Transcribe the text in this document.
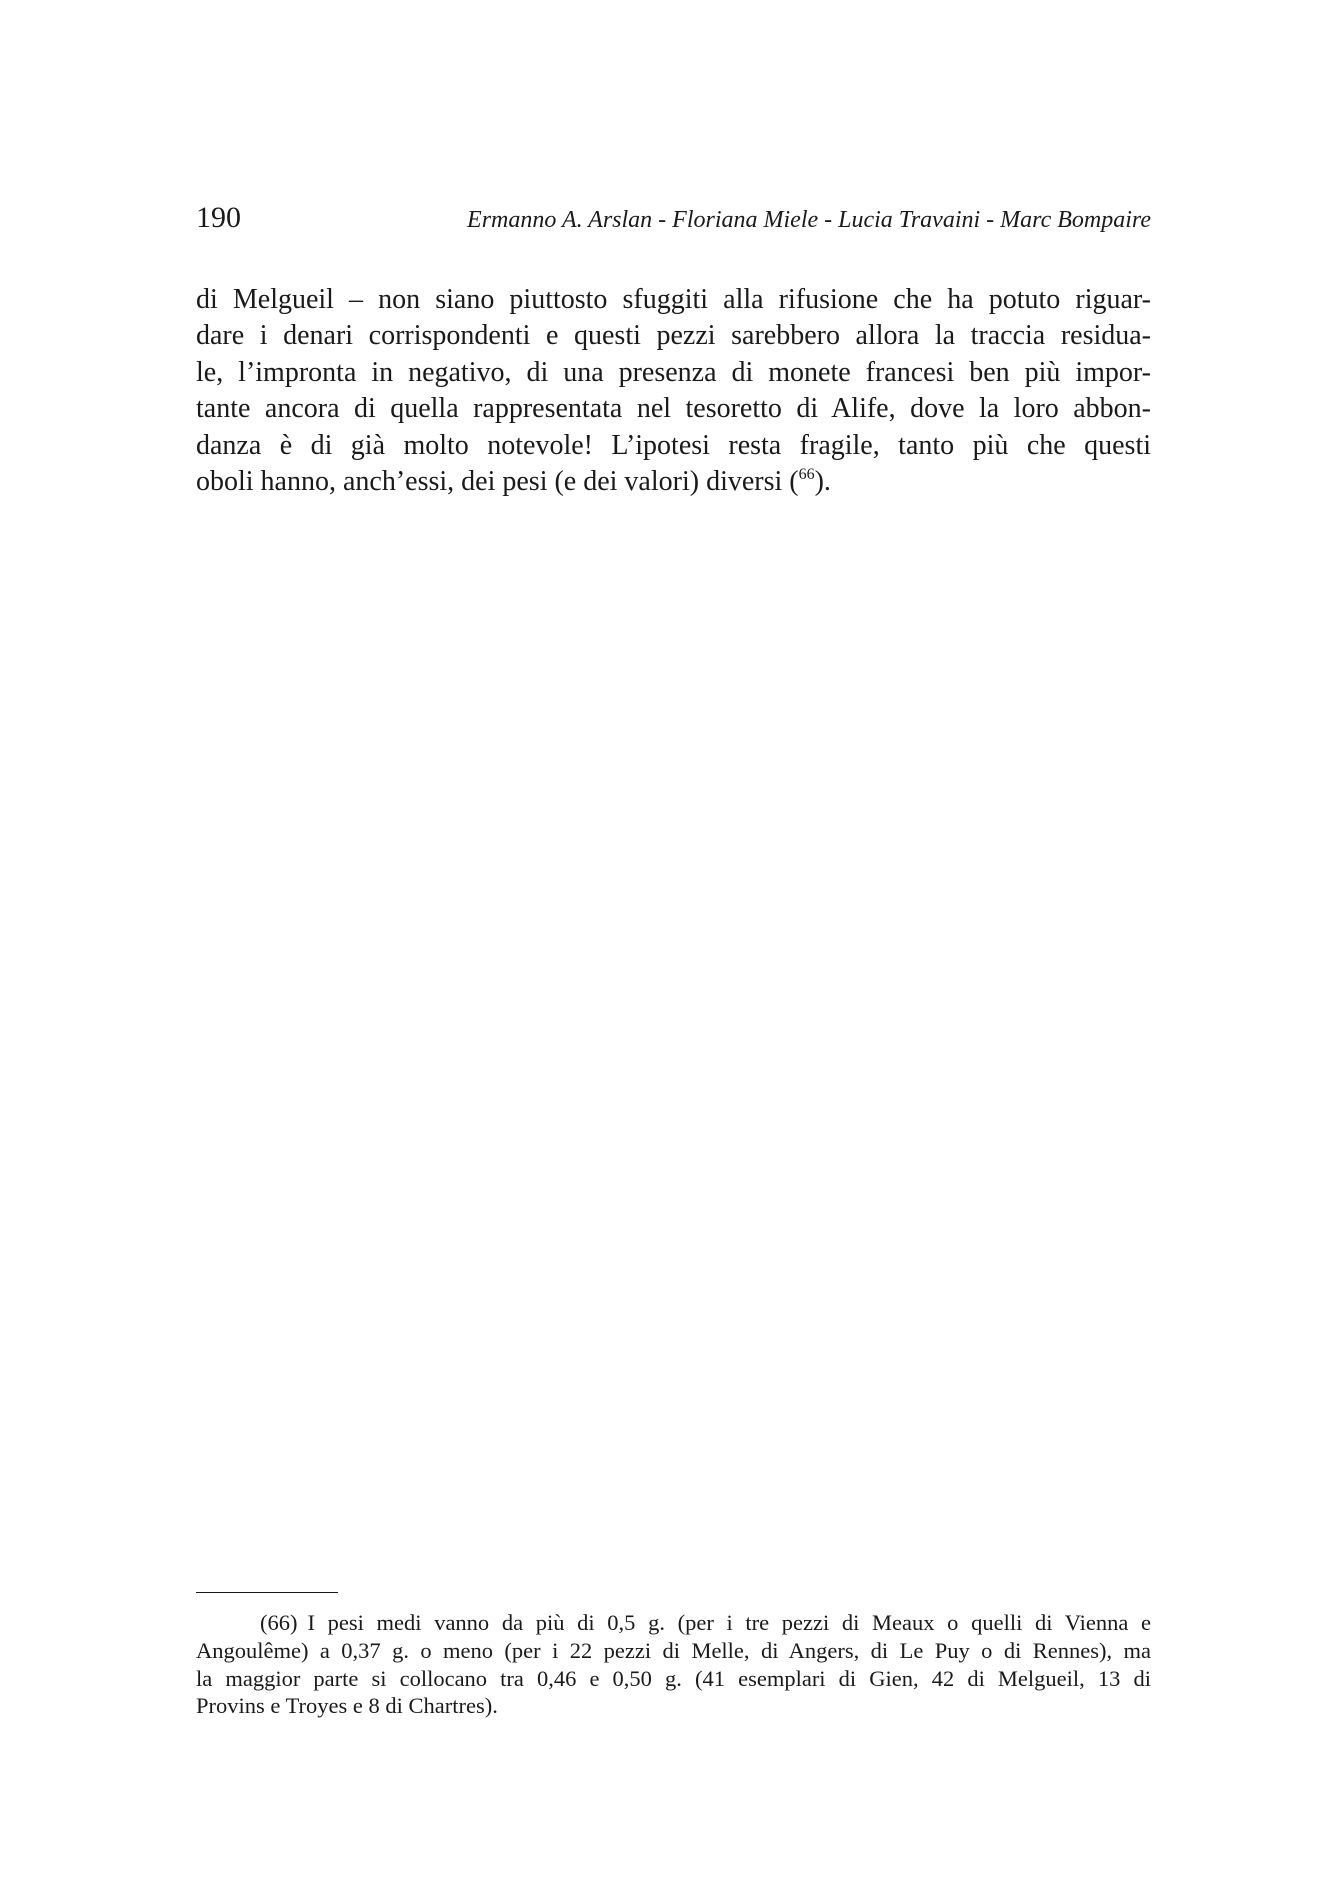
190	Ermanno A. Arslan - Floriana Miele - Lucia Travaini - Marc Bompaire
di Melgueil – non siano piuttosto sfuggiti alla rifusione che ha potuto riguar-
dare i denari corrispondenti e questi pezzi sarebbero allora la traccia residua-
le, l’impronta in negativo, di una presenza di monete francesi ben più impor-
tante ancora di quella rappresentata nel tesoretto di Alife, dove la loro abbon-
danza è di già molto notevole! L’ipotesi resta fragile, tanto più che questi
oboli hanno, anch’essi, dei pesi (e dei valori) diversi ($^{66}$).
(66) I pesi medi vanno da più di 0,5 g. (per i tre pezzi di Meaux o quelli di Vienna e
Angoulême) a 0,37 g. o meno (per i 22 pezzi di Melle, di Angers, di Le Puy o di Rennes), ma
la maggior parte si collocano tra 0,46 e 0,50 g. (41 esemplari di Gien, 42 di Melgueil, 13 di
Provins e Troyes e 8 di Chartres).
